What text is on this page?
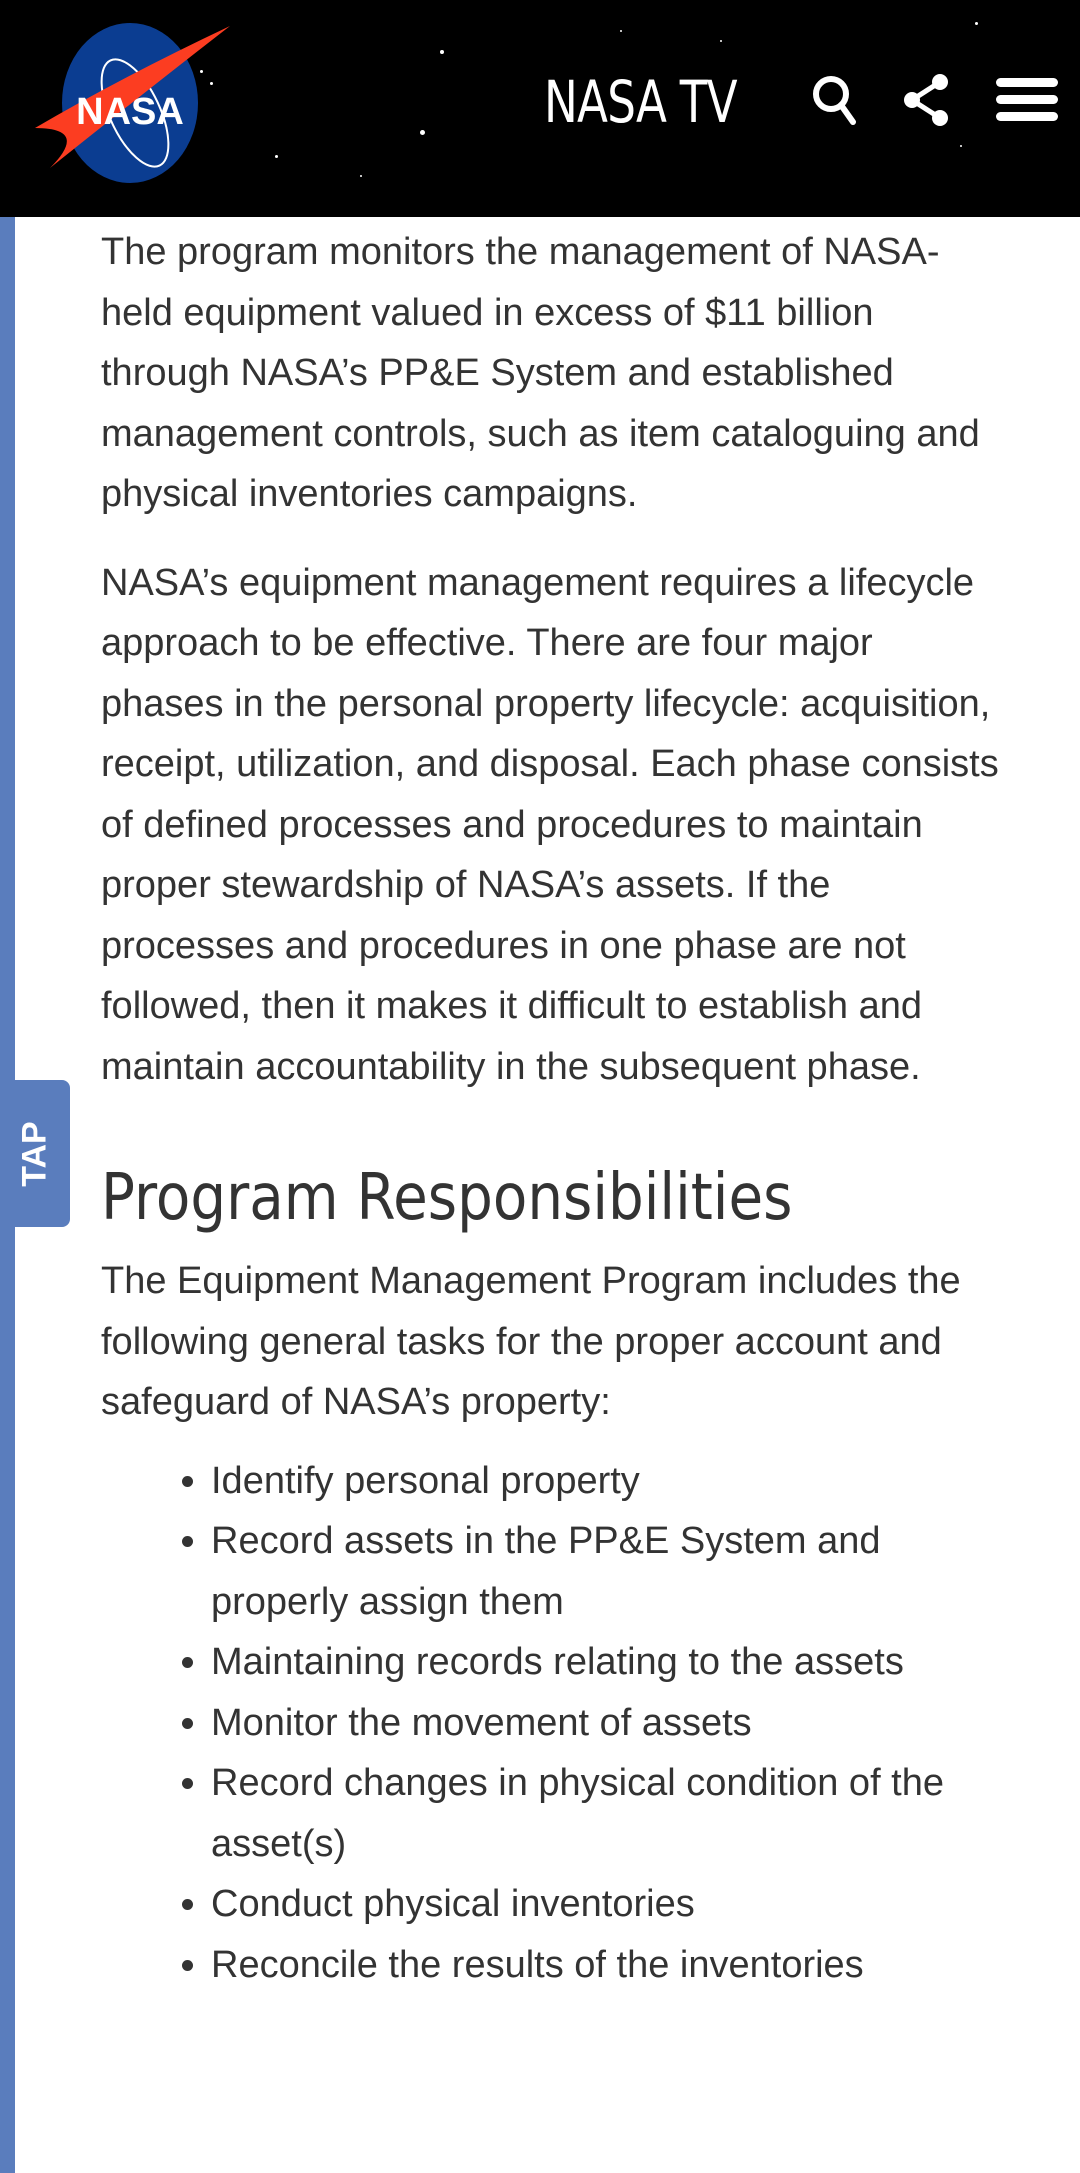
NASA	NASA TV
TAP

The program monitors the management of NASA-held equipment valued in excess of $11 billion through NASA’s PP&E System and established management controls, such as item cataloguing and physical inventories campaigns.

NASA’s equipment management requires a lifecycle approach to be effective. There are four major phases in the personal property lifecycle: acquisition, receipt, utilization, and disposal. Each phase consists of defined processes and procedures to maintain proper stewardship of NASA’s assets. If the processes and procedures in one phase are not followed, then it makes it difficult to establish and maintain accountability in the subsequent phase.

Program Responsibilities

The Equipment Management Program includes the following general tasks for the proper account and safeguard of NASA’s property:

• Identify personal property
• Record assets in the PP&E System and properly assign them
• Maintaining records relating to the assets
• Monitor the movement of assets
• Record changes in physical condition of the asset(s)
• Conduct physical inventories
• Reconcile the results of the inventories
